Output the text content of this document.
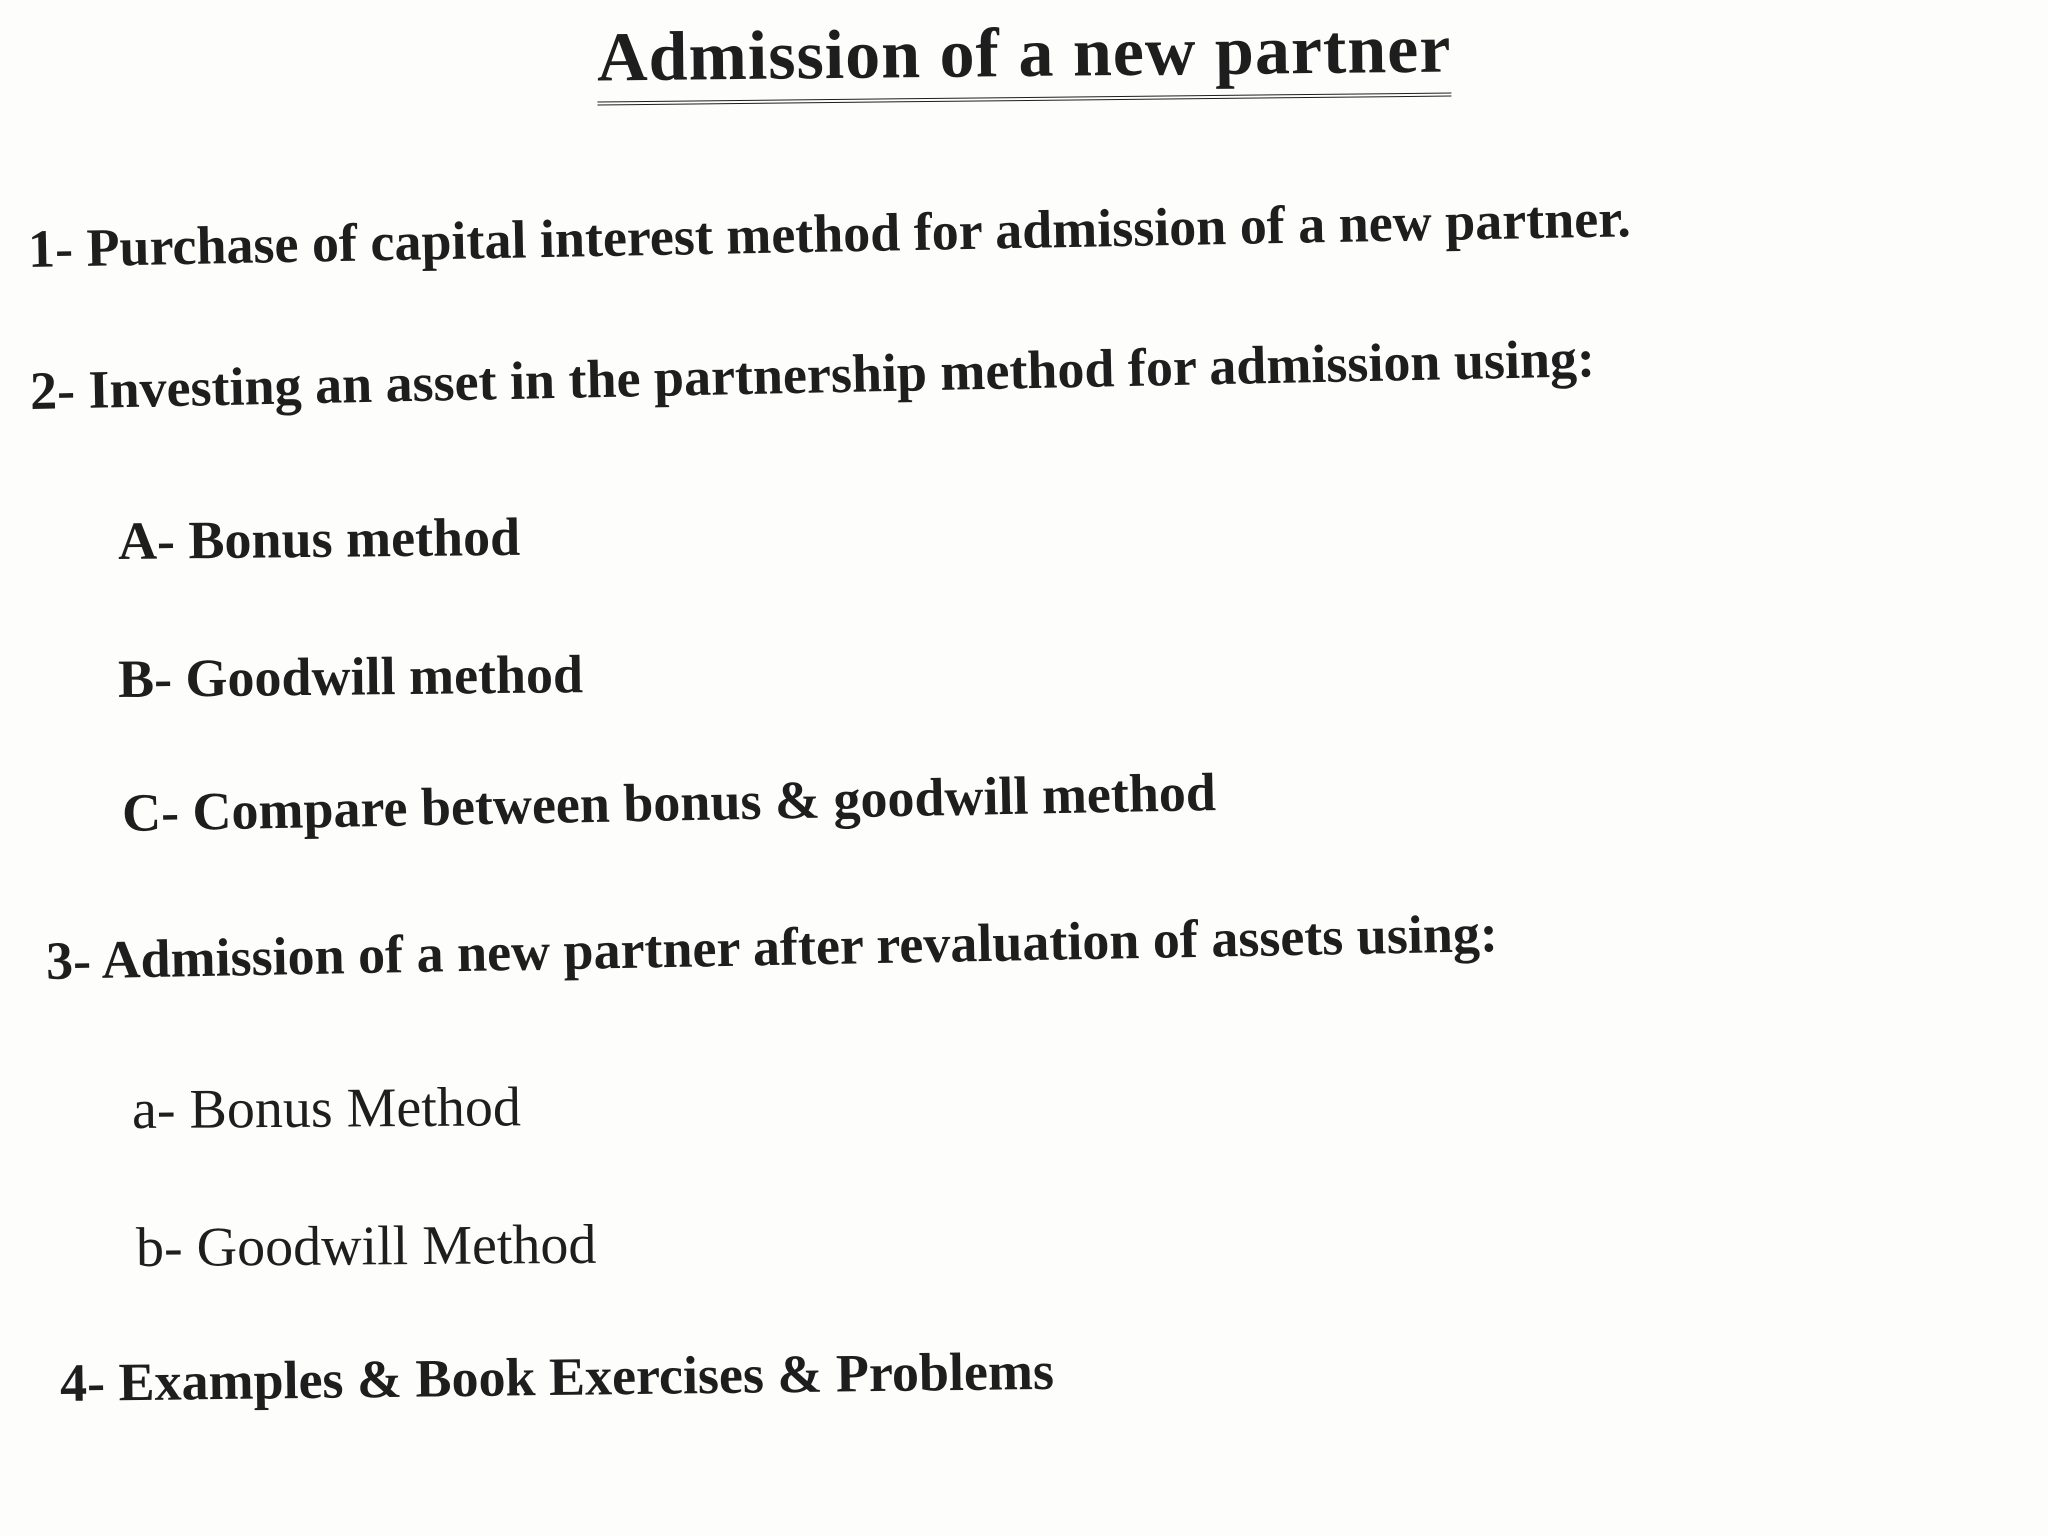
Admission of a new partner

1- Purchase of capital interest method for admission of a new partner.

2- Investing an asset in the partnership method for admission using:

A- Bonus method

B- Goodwill method

C- Compare between bonus & goodwill method

3- Admission of a new partner after revaluation of assets using:

a- Bonus Method

b- Goodwill Method

4- Examples & Book Exercises & Problems
